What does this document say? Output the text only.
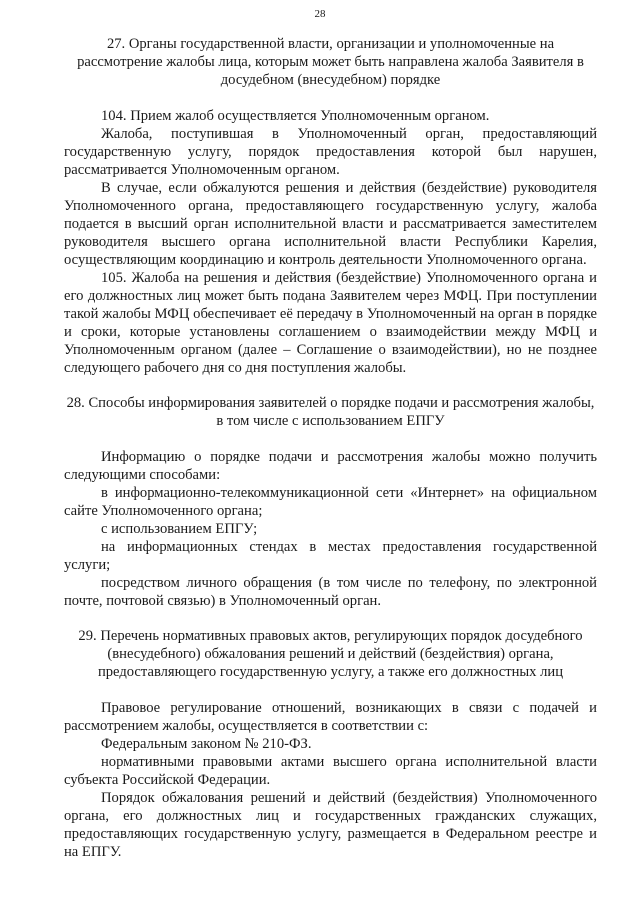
28
27. Органы государственной власти, организации и уполномоченные на рассмотрение жалобы лица, которым может быть направлена жалоба Заявителя в досудебном (внесудебном) порядке

104. Прием жалоб осуществляется Уполномоченным органом.

Жалоба, поступившая в Уполномоченный орган, предоставляющий государственную услугу, порядок предоставления которой был нарушен, рассматривается Уполномоченным органом.

В случае, если обжалуются решения и действия (бездействие) руководителя Уполномоченного органа, предоставляющего государственную услугу, жалоба подается в высший орган исполнительной власти и рассматривается заместителем руководителя высшего органа исполнительной власти Республики Карелия, осуществляющим координацию и контроль деятельности Уполномоченного органа.

105. Жалоба на решения и действия (бездействие) Уполномоченного органа и его должностных лиц может быть подана Заявителем через МФЦ. При поступлении такой жалобы МФЦ обеспечивает её передачу в Уполномоченный на орган в порядке и сроки, которые установлены соглашением о взаимодействии между МФЦ и Уполномоченным органом (далее – Соглашение о взаимодействии), но не позднее следующего рабочего дня со дня поступления жалобы.

28. Способы информирования заявителей о порядке подачи и рассмотрения жалобы, в том числе с использованием ЕПГУ

Информацию о порядке подачи и рассмотрения жалобы можно получить следующими способами:

в информационно-телекоммуникационной сети «Интернет» на официальном сайте Уполномоченного органа;

с использованием ЕПГУ;

на информационных стендах в местах предоставления государственной услуги;

посредством личного обращения (в том числе по телефону, по электронной почте, почтовой связью) в Уполномоченный орган.

29. Перечень нормативных правовых актов, регулирующих порядок досудебного (внесудебного) обжалования решений и действий (бездействия) органа, предоставляющего государственную услугу, а также его должностных лиц

Правовое регулирование отношений, возникающих в связи с подачей и рассмотрением жалобы, осуществляется в соответствии с:

Федеральным законом № 210-ФЗ.

нормативными правовыми актами высшего органа исполнительной власти субъекта Российской Федерации.

Порядок обжалования решений и действий (бездействия) Уполномоченного органа, его должностных лиц и государственных гражданских служащих, предоставляющих государственную услугу, размещается в Федеральном реестре и на ЕПГУ.
